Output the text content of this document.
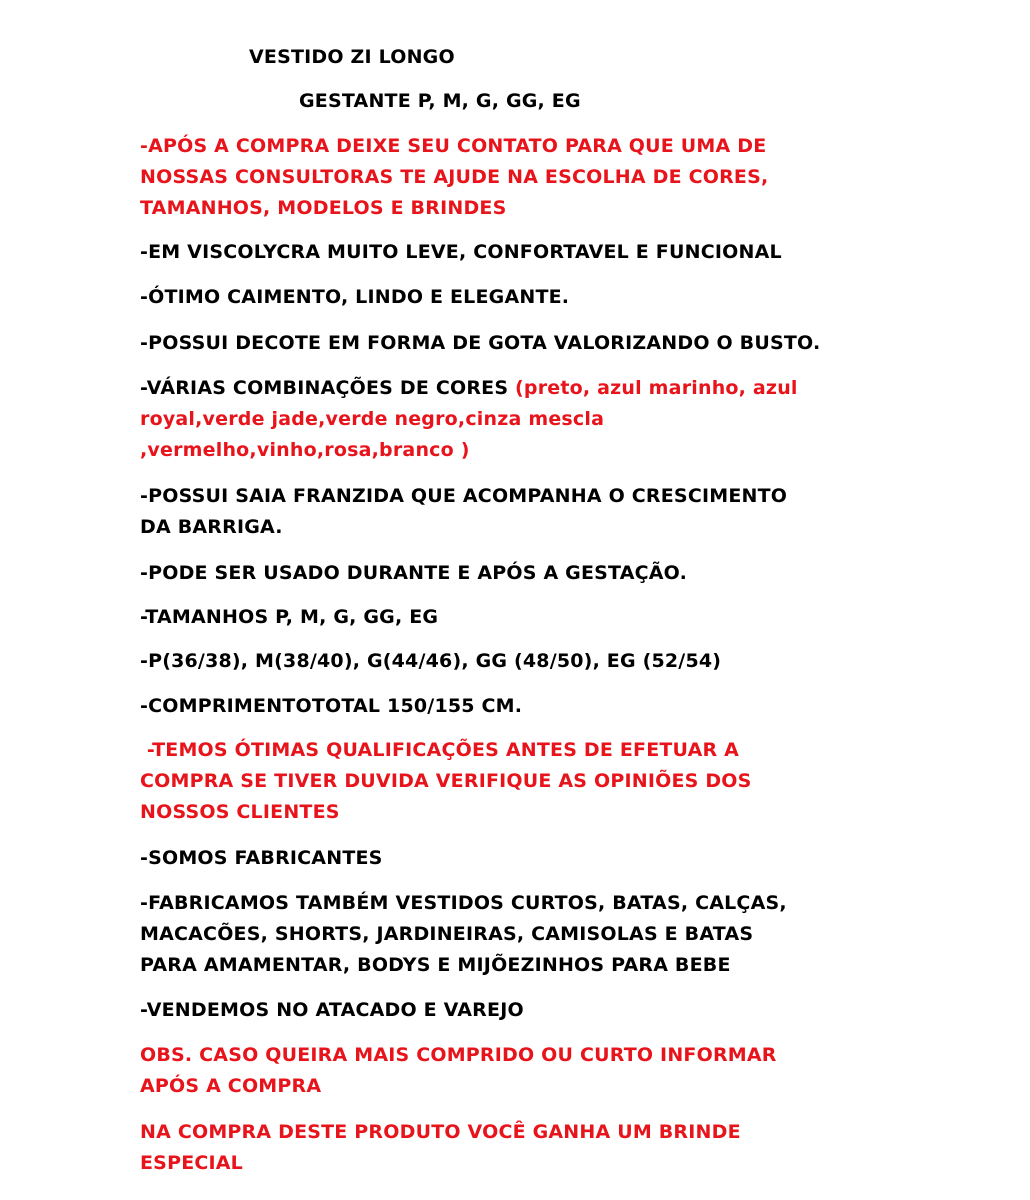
VESTIDO ZI LONGO
GESTANTE P, M, G, GG, EG
-APÓS A COMPRA DEIXE SEU CONTATO PARA QUE UMA DE
NOSSAS CONSULTORAS TE AJUDE NA ESCOLHA DE CORES,
TAMANHOS, MODELOS E BRINDES
-EM VISCOLYCRA MUITO LEVE, CONFORTAVEL E FUNCIONAL
-ÓTIMO CAIMENTO, LINDO E ELEGANTE.
-POSSUI DECOTE EM FORMA DE GOTA VALORIZANDO O BUSTO.
-VÁRIAS COMBINAÇÕES DE CORES (preto, azul marinho, azul
royal,verde jade,verde negro,cinza mescla
,vermelho,vinho,rosa,branco )
-POSSUI SAIA FRANZIDA QUE ACOMPANHA O CRESCIMENTO
DA BARRIGA.
-PODE SER USADO DURANTE E APÓS A GESTAÇÃO.
-TAMANHOS P, M, G, GG, EG
-P(36/38), M(38/40), G(44/46), GG (48/50), EG (52/54)
-COMPRIMENTOTOTAL 150/155 CM.
-TEMOS ÓTIMAS QUALIFICAÇÕES ANTES DE EFETUAR A
COMPRA SE TIVER DUVIDA VERIFIQUE AS OPINIÕES DOS
NOSSOS CLIENTES
-SOMOS FABRICANTES
-FABRICAMOS TAMBÉM VESTIDOS CURTOS, BATAS, CALÇAS,
MACACÕES, SHORTS, JARDINEIRAS, CAMISOLAS E BATAS
PARA AMAMENTAR, BODYS E MIJÕEZINHOS PARA BEBE
-VENDEMOS NO ATACADO E VAREJO
OBS. CASO QUEIRA MAIS COMPRIDO OU CURTO INFORMAR
APÓS A COMPRA
NA COMPRA DESTE PRODUTO VOCÊ GANHA UM BRINDE
ESPECIAL
